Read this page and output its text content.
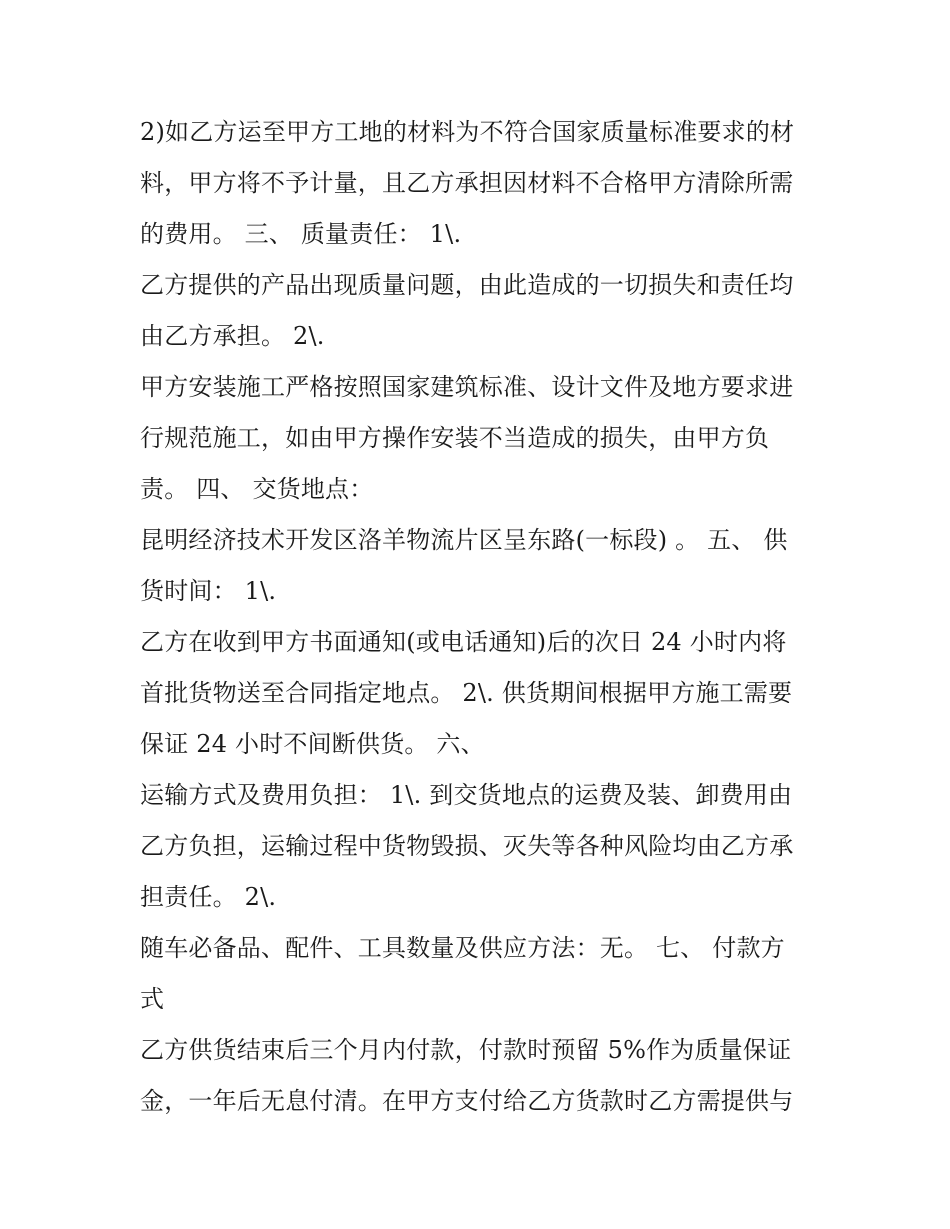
2)如乙方运至甲方工地的材料为不符合国家质量标准要求的材
料，甲方将不予计量，且乙方承担因材料不合格甲方清除所需
的费用。 三、 质量责任： 1\.
乙方提供的产品出现质量问题，由此造成的一切损失和责任均
由乙方承担。 2\.
甲方安装施工严格按照国家建筑标准、设计文件及地方要求进
行规范施工，如由甲方操作安装不当造成的损失，由甲方负
责。 四、 交货地点：
昆明经济技术开发区洛羊物流片区呈东路(一标段) 。 五、 供
货时间： 1\.
乙方在收到甲方书面通知(或电话通知)后的次日 24 小时内将
首批货物送至合同指定地点。 2\. 供货期间根据甲方施工需要
保证 24 小时不间断供货。 六、
运输方式及费用负担： 1\. 到交货地点的运费及装、卸费用由
乙方负担，运输过程中货物毁损、灭失等各种风险均由乙方承
担责任。 2\.
随车必备品、配件、工具数量及供应方法：无。 七、 付款方
式
乙方供货结束后三个月内付款，付款时预留 5%作为质量保证
金，一年后无息付清。在甲方支付给乙方货款时乙方需提供与
